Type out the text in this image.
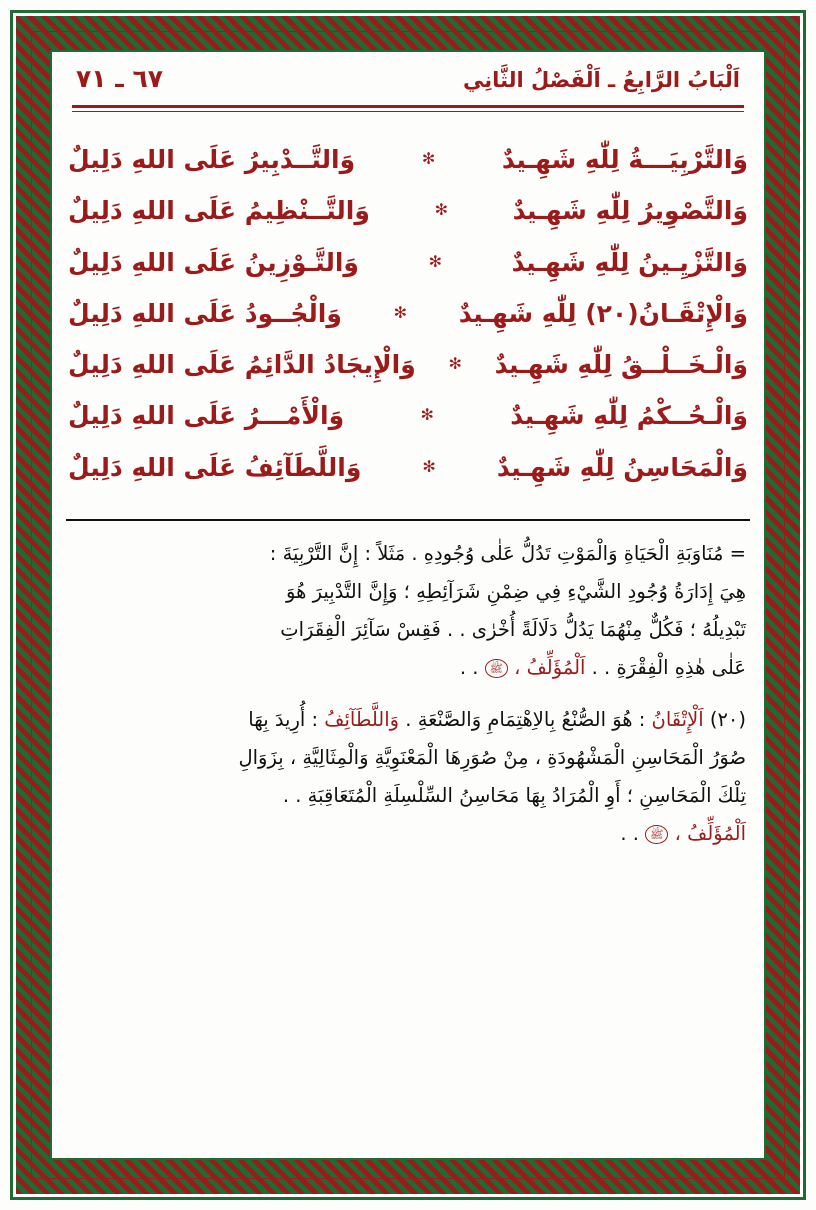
اَلْبَابُ الرَّابِعُ ـ اَلْفَصْلُ الثَّانِي
٦٧ ـ ٧١
وَالتَّرْبِيَـــةُ لِلّٰهِ شَهِـيدٌ
✻
وَالتَّــدْبِيرُ عَلَى اللهِ دَلِيلٌ
وَالتَّصْوِيرُ لِلّٰهِ شَهِـيدٌ
✻
وَالتَّــنْظِيمُ عَلَى اللهِ دَلِيلٌ
وَالتَّزْيِـينُ لِلّٰهِ شَهِـيدٌ
✻
وَالتَّـوْزِينُ عَلَى اللهِ دَلِيلٌ
وَالْإِتْقَـانُ(٢٠) لِلّٰهِ شَهِـيدٌ
✻
وَالْجُــودُ عَلَى اللهِ دَلِيلٌ
وَالْـخَــلْــقُ لِلّٰهِ شَهِـيدٌ
✻
وَالْإِيجَادُ الدَّائِمُ عَلَى اللهِ دَلِيلٌ
وَالْـحُــكْمُ لِلّٰهِ شَهِـيدٌ
✻
وَالْأَمْـــرُ عَلَى اللهِ دَلِيلٌ
وَالْمَحَاسِنُ لِلّٰهِ شَهِـيدٌ
✻
وَاللَّطَآئِفُ عَلَى اللهِ دَلِيلٌ

= مُنَاوَبَةِ الْحَيَاةِ وَالْمَوْتِ تَدُلُّ عَلٰى وُجُودِهِ . مَثَلاً : إِنَّ التَّرْبِيَةَ :
هِيَ إِدَارَةُ وُجُودِ الشَّيْءِ فِي ضِمْنِ شَرَآئِطِهِ ؛ وَإِنَّ التَّدْبِيرَ هُوَ
تَبْدِيلُهُ ؛ فَكُلٌّ مِنْهُمَا يَدُلُّ دَلَالَةً أُخْرٰى . . فَقِسْ سَآئِرَ الْفِقَرَاتِ
عَلٰى هٰذِهِ الْفِقْرَةِ . . اَلْمُؤَلِّفُ ، ﷺ . .

(٢٠) اَلْإِتْقَانُ : هُوَ الصُّنْعُ بِالاِهْتِمَامِ وَالصَّنْعَةِ . وَاللَّطَآئِفُ : أُرِيدَ بِهَا
صُوَرُ الْمَحَاسِنِ الْمَشْهُودَةِ ، مِنْ صُوَرِهَا الْمَعْنَوِيَّةِ وَالْمِثَالِيَّةِ ، بِزَوَالِ
تِلْكَ الْمَحَاسِنِ ؛ أَوِ الْمُرَادُ بِهَا مَحَاسِنُ السِّلْسِلَةِ الْمُتَعَاقِبَةِ . .
اَلْمُؤَلِّفُ ، ﷺ . .
